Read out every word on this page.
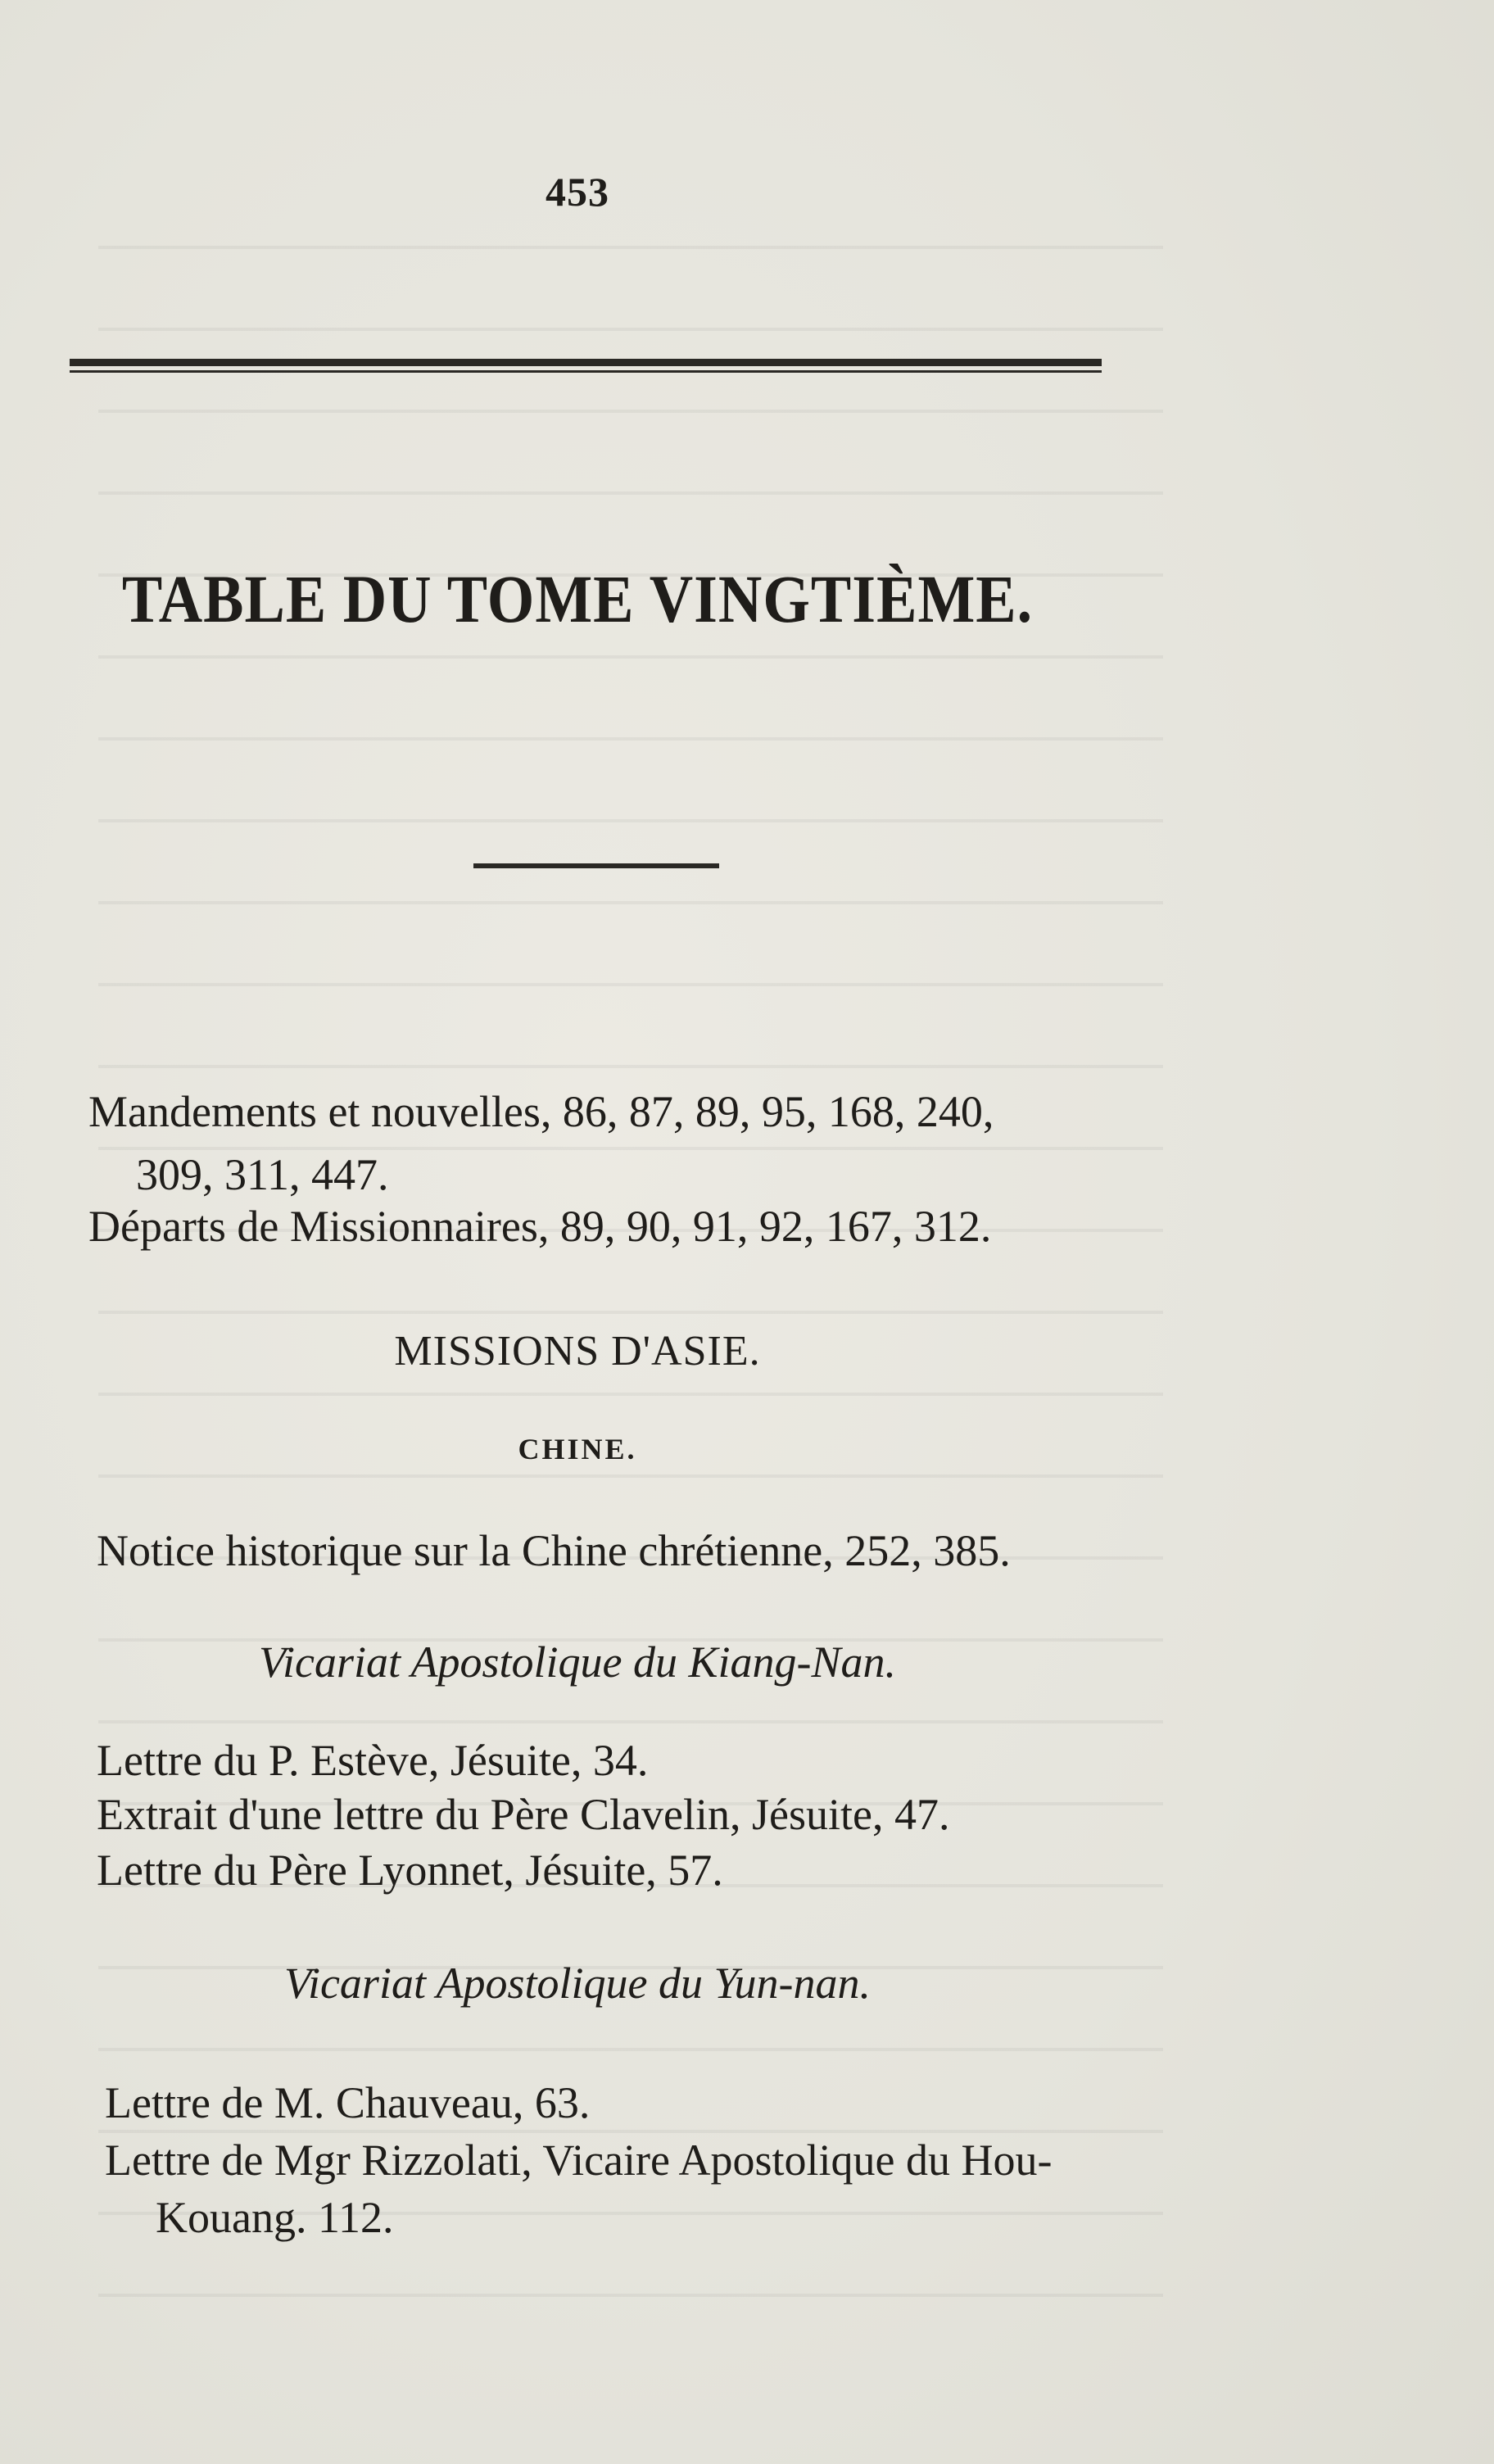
453
TABLE DU TOME VINGTIÈME.
Mandements et nouvelles, 86, 87, 89, 95, 168, 240,
309, 311, 447.
Départs de Missionnaires, 89, 90, 91, 92, 167, 312.
MISSIONS D'ASIE.
CHINE.
Notice historique sur la Chine chrétienne, 252, 385.
Vicariat Apostolique du Kiang-Nan.
Lettre du P. Estève, Jésuite, 34.
Extrait d'une lettre du Père Clavelin, Jésuite, 47.
Lettre du Père Lyonnet, Jésuite, 57.
Vicariat Apostolique du Yun-nan.
Lettre de M. Chauveau, 63.
Lettre de Mgr Rizzolati, Vicaire Apostolique du Hou-
Kouang. 112.
